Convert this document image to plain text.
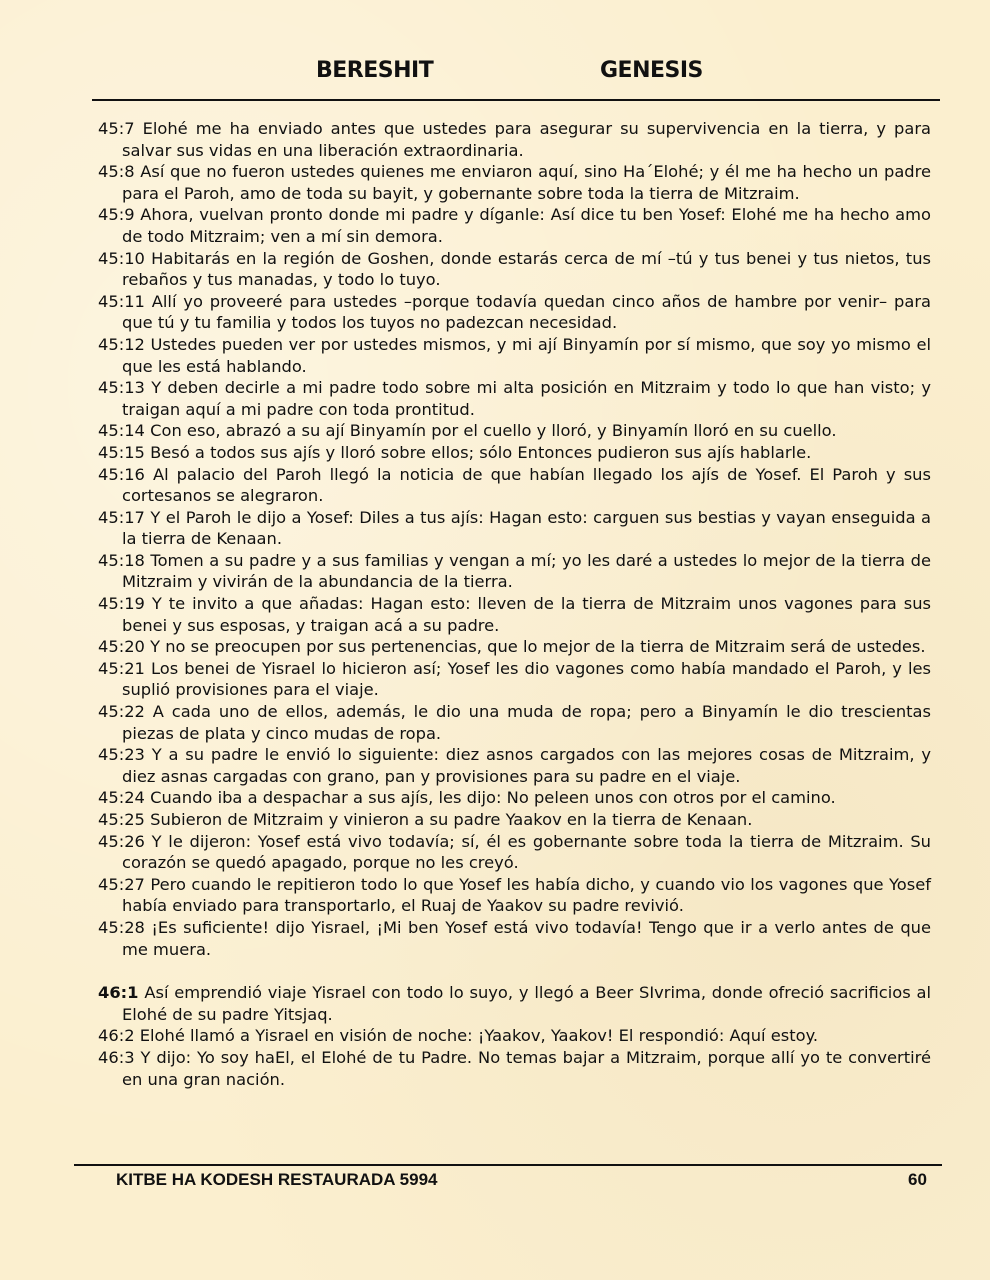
BERESHIT	GENESIS

45:7 Elohé me ha enviado antes que ustedes para asegurar su supervivencia en la tierra, y para salvar sus vidas en una liberación extraordinaria.

45:8 Así que no fueron ustedes quienes me enviaron aquí, sino Ha´Elohé; y él me ha hecho un padre para el Paroh, amo de toda su bayit, y gobernante sobre toda la tierra de Mitzraim.

45:9 Ahora, vuelvan pronto donde mi padre y díganle: Así dice tu ben Yosef: Elohé me ha hecho amo de todo Mitzraim; ven a mí sin demora.

45:10 Habitarás en la región de Goshen, donde estarás cerca de mí –tú y tus benei y tus nietos, tus rebaños y tus manadas, y todo lo tuyo.

45:11 Allí yo proveeré para ustedes –porque todavía quedan cinco años de hambre por venir– para que tú y tu familia y todos los tuyos no padezcan necesidad.

45:12 Ustedes pueden ver por ustedes mismos, y mi ají Binyamín por sí mismo, que soy yo mismo el que les está hablando.

45:13 Y deben decirle a mi padre todo sobre mi alta posición en Mitzraim y todo lo que han visto; y traigan aquí a mi padre con toda prontitud.

45:14 Con eso, abrazó a su ají Binyamín por el cuello y lloró, y Binyamín lloró en su cuello.

45:15 Besó a todos sus ajís y lloró sobre ellos; sólo Entonces pudieron sus ajís hablarle.

45:16 Al palacio del Paroh llegó la noticia de que habían llegado los ajís de Yosef. El Paroh y sus cortesanos se alegraron.

45:17 Y el Paroh le dijo a Yosef: Diles a tus ajís: Hagan esto: carguen sus bestias y vayan enseguida a la tierra de Kenaan.

45:18 Tomen a su padre y a sus familias y vengan a mí; yo les daré a ustedes lo mejor de la tierra de Mitzraim y vivirán de la abundancia de la tierra.

45:19 Y te invito a que añadas: Hagan esto: lleven de la tierra de Mitzraim unos vagones para sus benei y sus esposas, y traigan acá a su padre.

45:20 Y no se preocupen por sus pertenencias, que lo mejor de la tierra de Mitzraim será de ustedes.

45:21 Los benei de Yisrael lo hicieron así; Yosef les dio vagones como había mandado el Paroh, y les suplió provisiones para el viaje.

45:22 A cada uno de ellos, además, le dio una muda de ropa; pero a Binyamín le dio trescientas piezas de plata y cinco mudas de ropa.

45:23 Y a su padre le envió lo siguiente: diez asnos cargados con las mejores cosas de Mitzraim, y diez asnas cargadas con grano, pan y provisiones para su padre en el viaje.

45:24 Cuando iba a despachar a sus ajís, les dijo: No peleen unos con otros por el camino.

45:25 Subieron de Mitzraim y vinieron a su padre Yaakov en la tierra de Kenaan.

45:26 Y le dijeron: Yosef está vivo todavía; sí, él es gobernante sobre toda la tierra de Mitzraim. Su corazón se quedó apagado, porque no les creyó.

45:27 Pero cuando le repitieron todo lo que Yosef les había dicho, y cuando vio los vagones que Yosef había enviado para transportarlo, el Ruaj de Yaakov su padre revivió.

45:28 ¡Es suficiente! dijo Yisrael, ¡Mi ben Yosef está vivo todavía! Tengo que ir a verlo antes de que me muera.

46:1 Así emprendió viaje Yisrael con todo lo suyo, y llegó a Beer SIvrima, donde ofreció sacrificios al Elohé de su padre Yitsjaq.

46:2 Elohé llamó a Yisrael en visión de noche: ¡Yaakov, Yaakov! El respondió: Aquí estoy.

46:3 Y dijo: Yo soy haEl, el Elohé de tu Padre. No temas bajar a Mitzraim, porque allí yo te convertiré en una gran nación.

KITBE HA KODESH RESTAURADA 5994	60
